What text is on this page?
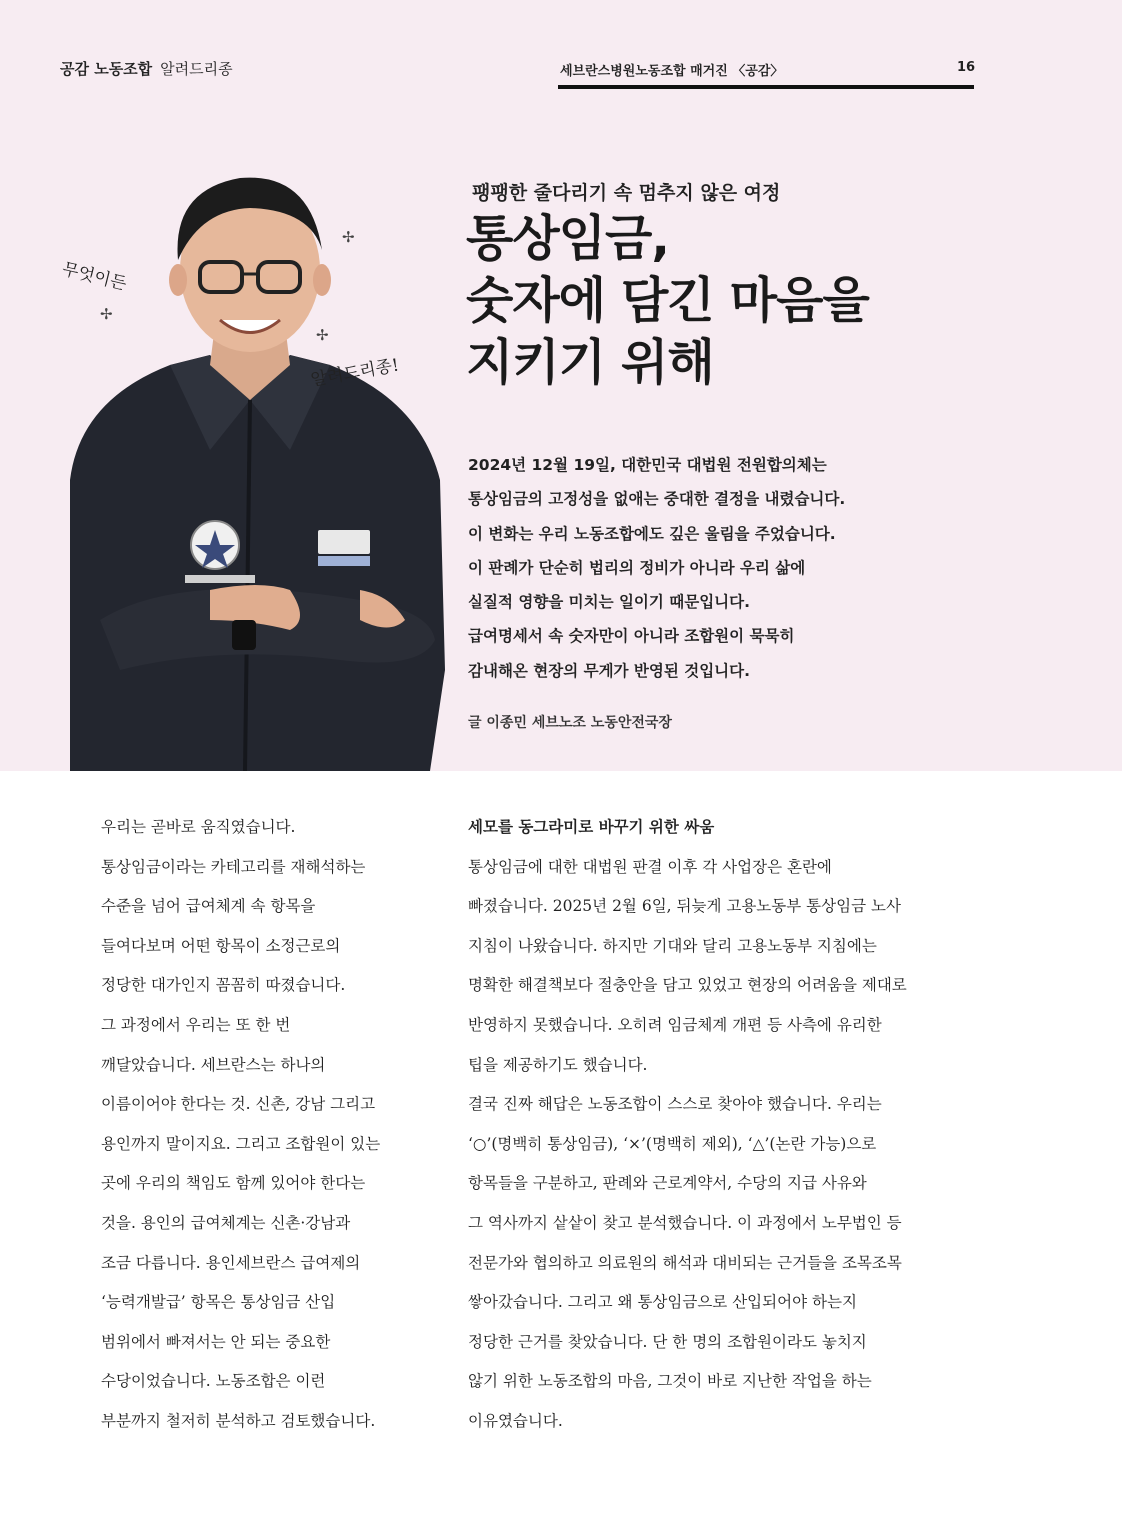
공감 노동조합 알려드리종	세브란스병원노동조합 매거진 〈공감〉	16
무엇이든
알려드리종!
✢
✢
✢
팽팽한 줄다리기 속 멈추지 않은 여정
통상임금,
숫자에 담긴 마음을
지키기 위해
2024년 12월 19일, 대한민국 대법원 전원합의체는
통상임금의 고정성을 없애는 중대한 결정을 내렸습니다.
이 변화는 우리 노동조합에도 깊은 울림을 주었습니다.
이 판례가 단순히 법리의 정비가 아니라 우리 삶에
실질적 영향을 미치는 일이기 때문입니다.
급여명세서 속 숫자만이 아니라 조합원이 묵묵히
감내해온 현장의 무게가 반영된 것입니다.
글 이종민 세브노조 노동안전국장
우리는 곧바로 움직였습니다.
통상임금이라는 카테고리를 재해석하는
수준을 넘어 급여체계 속 항목을
들여다보며 어떤 항목이 소정근로의
정당한 대가인지 꼼꼼히 따졌습니다.
그 과정에서 우리는 또 한 번
깨달았습니다. 세브란스는 하나의
이름이어야 한다는 것. 신촌, 강남 그리고
용인까지 말이지요. 그리고 조합원이 있는
곳에 우리의 책임도 함께 있어야 한다는
것을. 용인의 급여체계는 신촌·강남과
조금 다릅니다. 용인세브란스 급여제의
‘능력개발급’ 항목은 통상임금 산입
범위에서 빠져서는 안 되는 중요한
수당이었습니다. 노동조합은 이런
부분까지 철저히 분석하고 검토했습니다.
세모를 동그라미로 바꾸기 위한 싸움
통상임금에 대한 대법원 판결 이후 각 사업장은 혼란에
빠졌습니다. 2025년 2월 6일, 뒤늦게 고용노동부 통상임금 노사
지침이 나왔습니다. 하지만 기대와 달리 고용노동부 지침에는
명확한 해결책보다 절충안을 담고 있었고 현장의 어려움을 제대로
반영하지 못했습니다. 오히려 임금체계 개편 등 사측에 유리한
팁을 제공하기도 했습니다.
결국 진짜 해답은 노동조합이 스스로 찾아야 했습니다. 우리는
‘○’(명백히 통상임금), ‘×’(명백히 제외), ‘△’(논란 가능)으로
항목들을 구분하고, 판례와 근로계약서, 수당의 지급 사유와
그 역사까지 샅샅이 찾고 분석했습니다. 이 과정에서 노무법인 등
전문가와 협의하고 의료원의 해석과 대비되는 근거들을 조목조목
쌓아갔습니다. 그리고 왜 통상임금으로 산입되어야 하는지
정당한 근거를 찾았습니다. 단 한 명의 조합원이라도 놓치지
않기 위한 노동조합의 마음, 그것이 바로 지난한 작업을 하는
이유였습니다.
